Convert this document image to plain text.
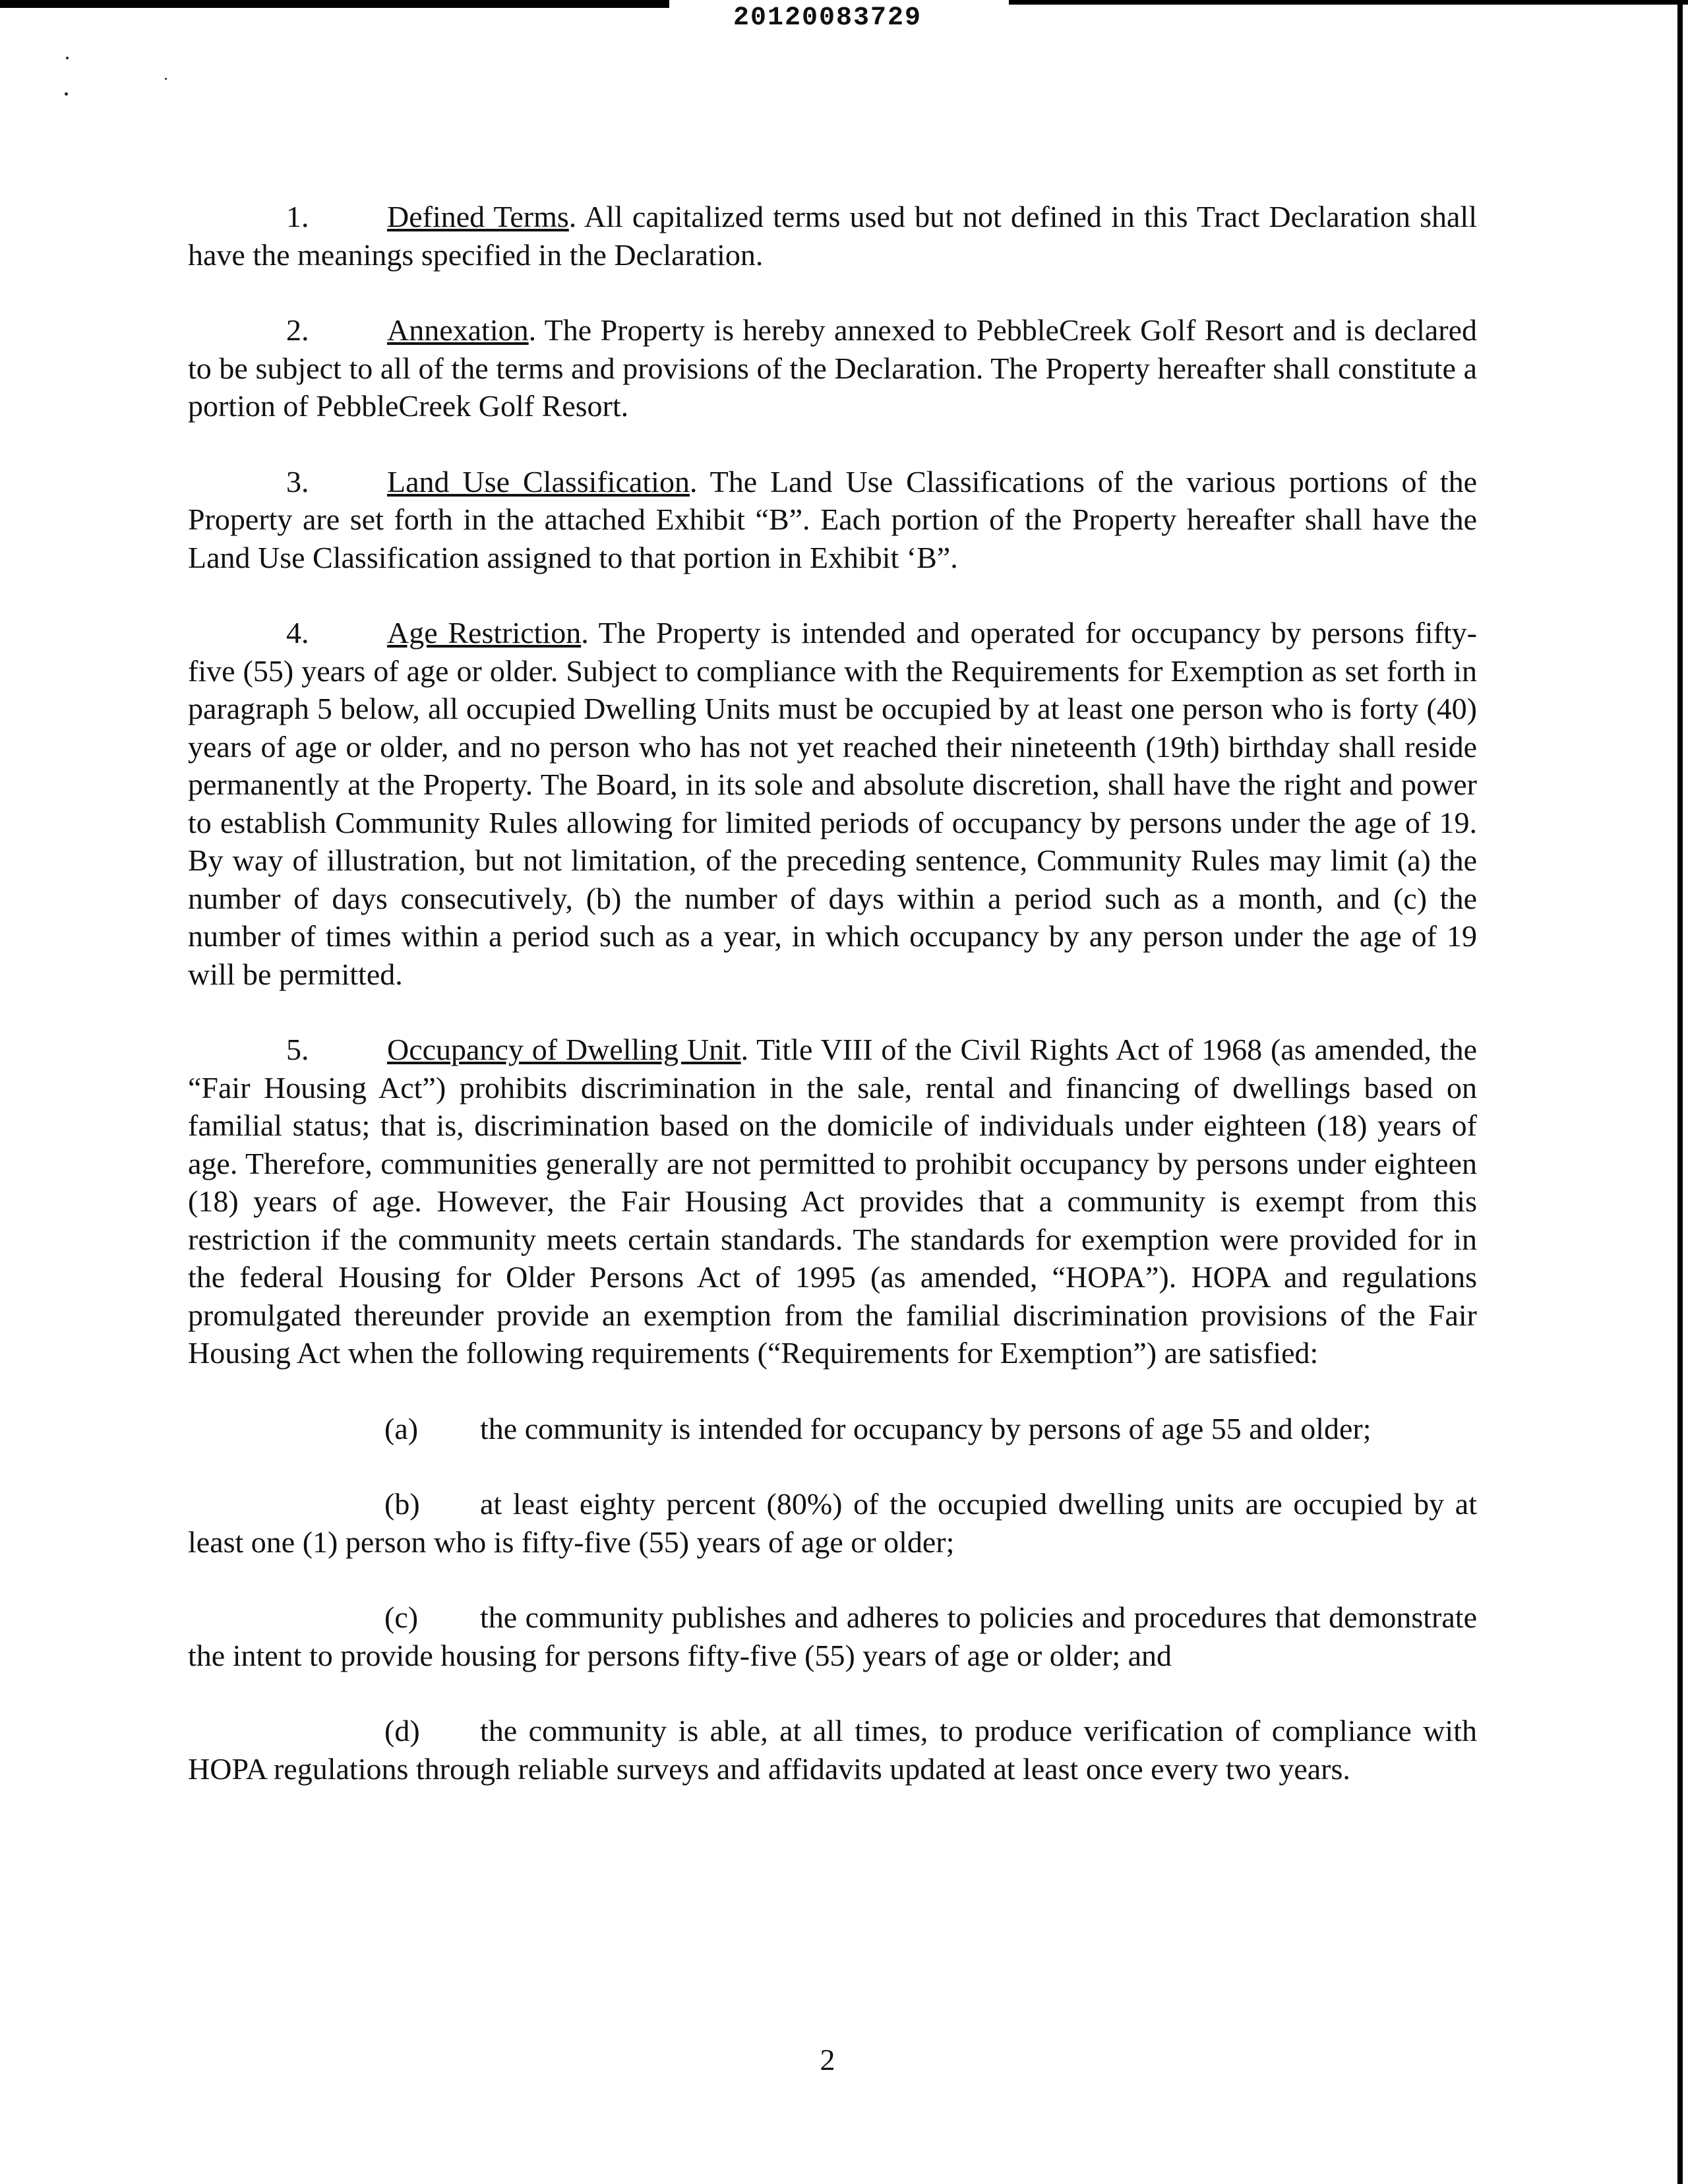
20120083729

1.	Defined Terms. All capitalized terms used but not defined in this Tract Declaration shall have the meanings specified in the Declaration.

2.	Annexation. The Property is hereby annexed to PebbleCreek Golf Resort and is declared to be subject to all of the terms and provisions of the Declaration. The Property hereafter shall constitute a portion of PebbleCreek Golf Resort.

3.	Land Use Classification. The Land Use Classifications of the various portions of the Property are set forth in the attached Exhibit “B”. Each portion of the Property hereafter shall have the Land Use Classification assigned to that portion in Exhibit ‘B”.

4.	Age Restriction. The Property is intended and operated for occupancy by persons fifty-five (55) years of age or older. Subject to compliance with the Requirements for Exemption as set forth in paragraph 5 below, all occupied Dwelling Units must be occupied by at least one person who is forty (40) years of age or older, and no person who has not yet reached their nineteenth (19th) birthday shall reside permanently at the Property. The Board, in its sole and absolute discretion, shall have the right and power to establish Community Rules allowing for limited periods of occupancy by persons under the age of 19. By way of illustration, but not limitation, of the preceding sentence, Community Rules may limit (a) the number of days consecutively, (b) the number of days within a period such as a month, and (c) the number of times within a period such as a year, in which occupancy by any person under the age of 19 will be permitted.

5.	Occupancy of Dwelling Unit. Title VIII of the Civil Rights Act of 1968 (as amended, the “Fair Housing Act”) prohibits discrimination in the sale, rental and financing of dwellings based on familial status; that is, discrimination based on the domicile of individuals under eighteen (18) years of age. Therefore, communities generally are not permitted to prohibit occupancy by persons under eighteen (18) years of age. However, the Fair Housing Act provides that a community is exempt from this restriction if the community meets certain standards. The standards for exemption were provided for in the federal Housing for Older Persons Act of 1995 (as amended, “HOPA”). HOPA and regulations promulgated thereunder provide an exemption from the familial discrimination provisions of the Fair Housing Act when the following requirements (“Requirements for Exemption”) are satisfied:

(a) the community is intended for occupancy by persons of age 55 and older;

(b) at least eighty percent (80%) of the occupied dwelling units are occupied by at least one (1) person who is fifty-five (55) years of age or older;

(c) the community publishes and adheres to policies and procedures that demonstrate the intent to provide housing for persons fifty-five (55) years of age or older; and

(d) the community is able, at all times, to produce verification of compliance with HOPA regulations through reliable surveys and affidavits updated at least once every two years.

2
